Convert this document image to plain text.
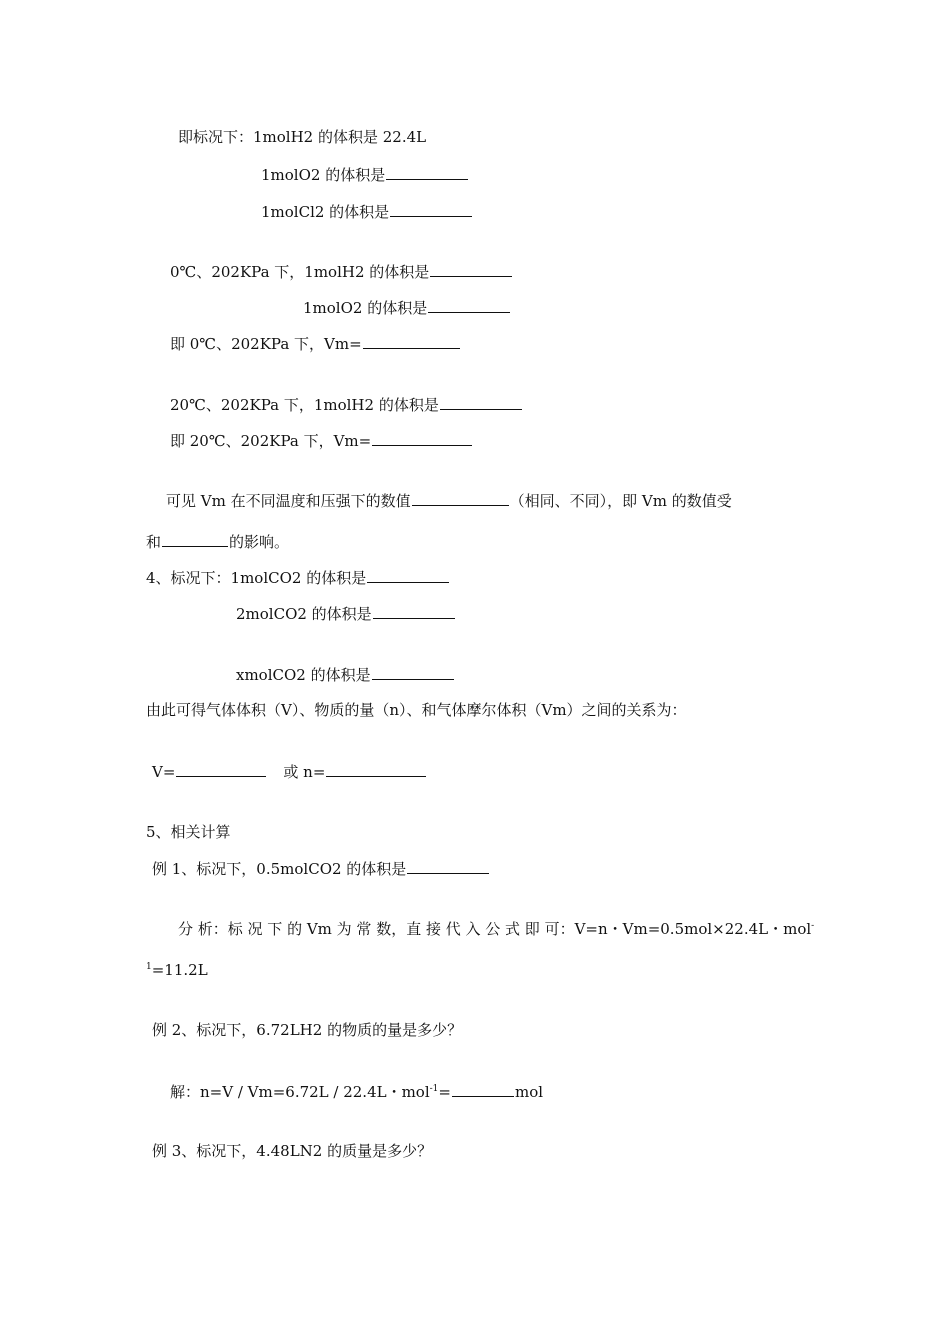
即标况下：1molH2 的体积是 22.4L
1molO2 的体积是
1molCl2 的体积是
0℃、202KPa 下，1molH2 的体积是
1molO2 的体积是
即 0℃、202KPa 下，Vm=
20℃、202KPa 下，1molH2 的体积是
即 20℃、202KPa 下，Vm=
可见 Vm 在不同温度和压强下的数值	（相同、不同），即 Vm 的数值受
和	的影响。
4、标况下：1molCO2 的体积是
2molCO2 的体积是
xmolCO2 的体积是
由此可得气体体积（V）、物质的量（n）、和气体摩尔体积（Vm）之间的关系为：
V=	或 n=
5、相关计算
例 1、标况下，0.5molCO2 的体积是
分 析：标 况 下 的 Vm 为 常 数，直 接 代 入 公 式 即 可：V=n・Vm=0.5mol×22.4L・mol-
$^1$=11.2L
例 2、标况下，6.72LH2 的物质的量是多少？
解：n=V / Vm=6.72L / 22.4L・mol$^{-1}$=	mol
例 3、标况下，4.48LN2 的质量是多少？
